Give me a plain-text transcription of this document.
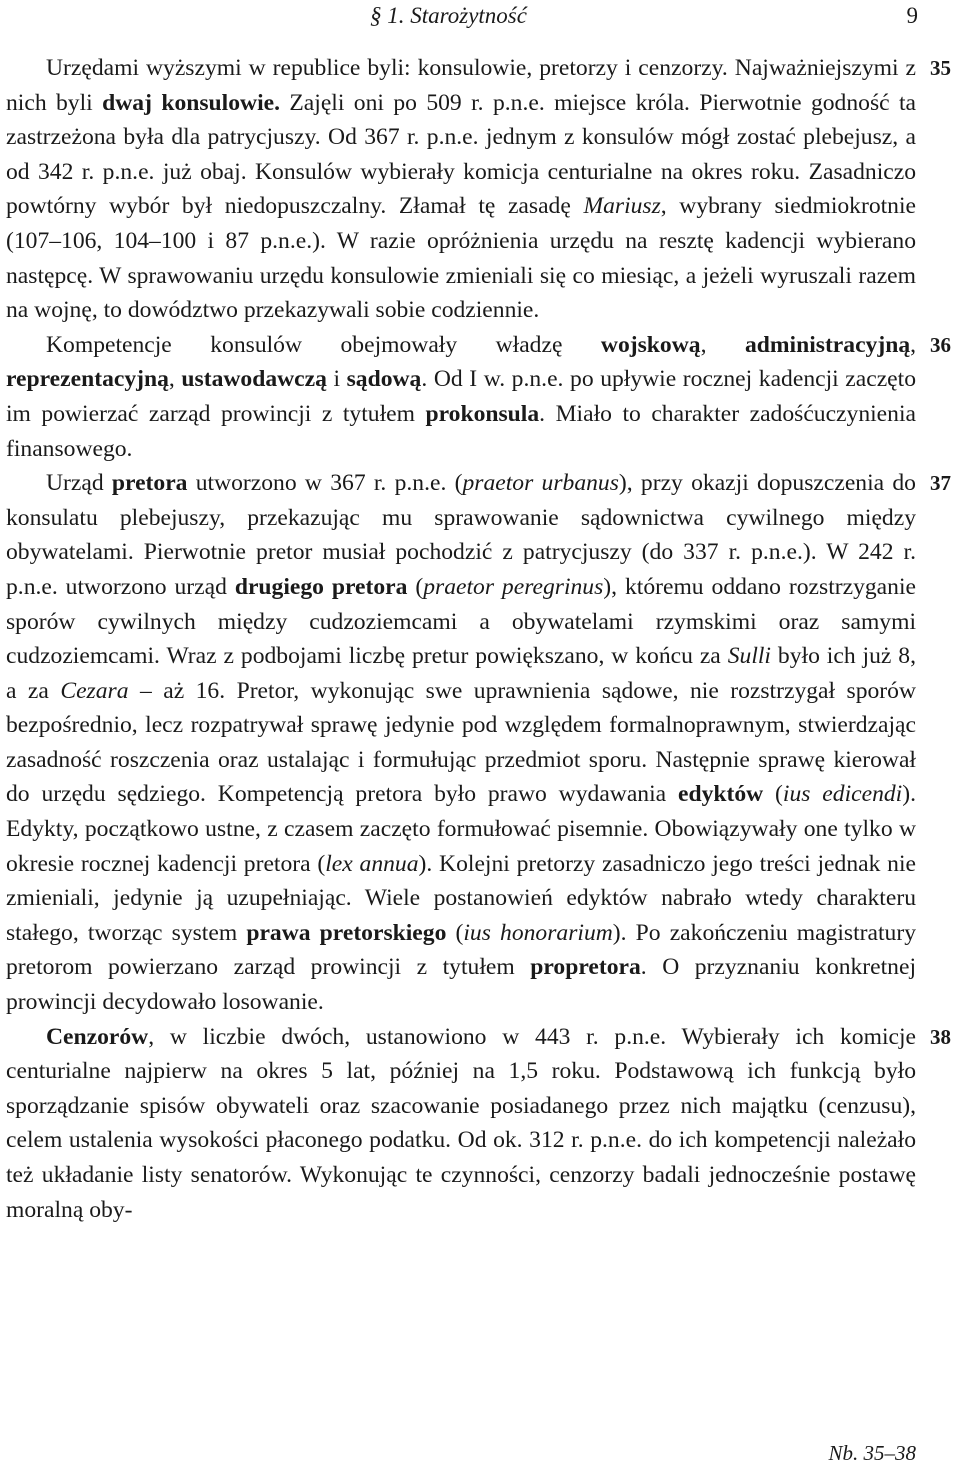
§ 1. Starożytność	9

Urzędami wyższymi w republice byli: konsulowie, pretorzy i cenzorzy. Najważniejszymi z nich byli dwaj konsulowie. Zajęli oni po 509 r. p.n.e. miejsce króla. Pierwotnie godność ta zastrzeżona była dla patrycjuszy. Od 367 r. p.n.e. jednym z konsulów mógł zostać plebejusz, a od 342 r. p.n.e. już obaj. Konsulów wybierały komicja centurialne na okres roku. Zasadniczo powtórny wybór był niedopuszczalny. Złamał tę zasadę Mariusz, wybrany siedmiokrotnie (107–106, 104–100 i 87 p.n.e.). W razie opróżnienia urzędu na resztę kadencji wybierano następcę. W sprawowaniu urzędu konsulowie zmieniali się co miesiąc, a jeżeli wyruszali razem na wojnę, to dowództwo przekazywali sobie codziennie.

Kompetencje konsulów obejmowały władzę wojskową, administracyjną, reprezentacyjną, ustawodawczą i sądową. Od I w. p.n.e. po upływie rocznej kadencji zaczęto im powierzać zarząd prowincji z tytułem prokonsula. Miało to charakter zadośćuczynienia finansowego.

Urząd pretora utworzono w 367 r. p.n.e. (praetor urbanus), przy okazji dopuszczenia do konsulatu plebejuszy, przekazując mu sprawowanie sądownictwa cywilnego między obywatelami. Pierwotnie pretor musiał pochodzić z patrycjuszy (do 337 r. p.n.e.). W 242 r. p.n.e. utworzono urząd drugiego pretora (praetor peregrinus), któremu oddano rozstrzyganie sporów cywilnych między cudzoziemcami a obywatelami rzymskimi oraz samymi cudzoziemcami. Wraz z podbojami liczbę pretur powiększano, w końcu za Sulli było ich już 8, a za Cezara – aż 16. Pretor, wykonując swe uprawnienia sądowe, nie rozstrzygał sporów bezpośrednio, lecz rozpatrywał sprawę jedynie pod względem formalnoprawnym, stwierdzając zasadność roszczenia oraz ustalając i formułując przedmiot sporu. Następnie sprawę kierował do urzędu sędziego. Kompetencją pretora było prawo wydawania edyktów (ius edicendi). Edykty, początkowo ustne, z czasem zaczęto formułować pisemnie. Obowiązywały one tylko w okresie rocznej kadencji pretora (lex annua). Kolejni pretorzy zasadniczo jego treści jednak nie zmieniali, jedynie ją uzupełniając. Wiele postanowień edyktów nabrało wtedy charakteru stałego, tworząc system prawa pretorskiego (ius honorarium). Po zakończeniu magistratury pretorom powierzano zarząd prowincji z tytułem propretora. O przyznaniu konkretnej prowincji decydowało losowanie.

Cenzorów, w liczbie dwóch, ustanowiono w 443 r. p.n.e. Wybierały ich komicje centurialne najpierw na okres 5 lat, później na 1,5 roku. Podstawową ich funkcją było sporządzanie spisów obywateli oraz szacowanie posiadanego przez nich majątku (cenzusu), celem ustalenia wysokości płaconego podatku. Od ok. 312 r. p.n.e. do ich kompetencji należało też układanie listy senatorów. Wykonując te czynności, cenzorzy badali jednocześnie postawę moralną oby-

35
36
37
38
Nb. 35–38
